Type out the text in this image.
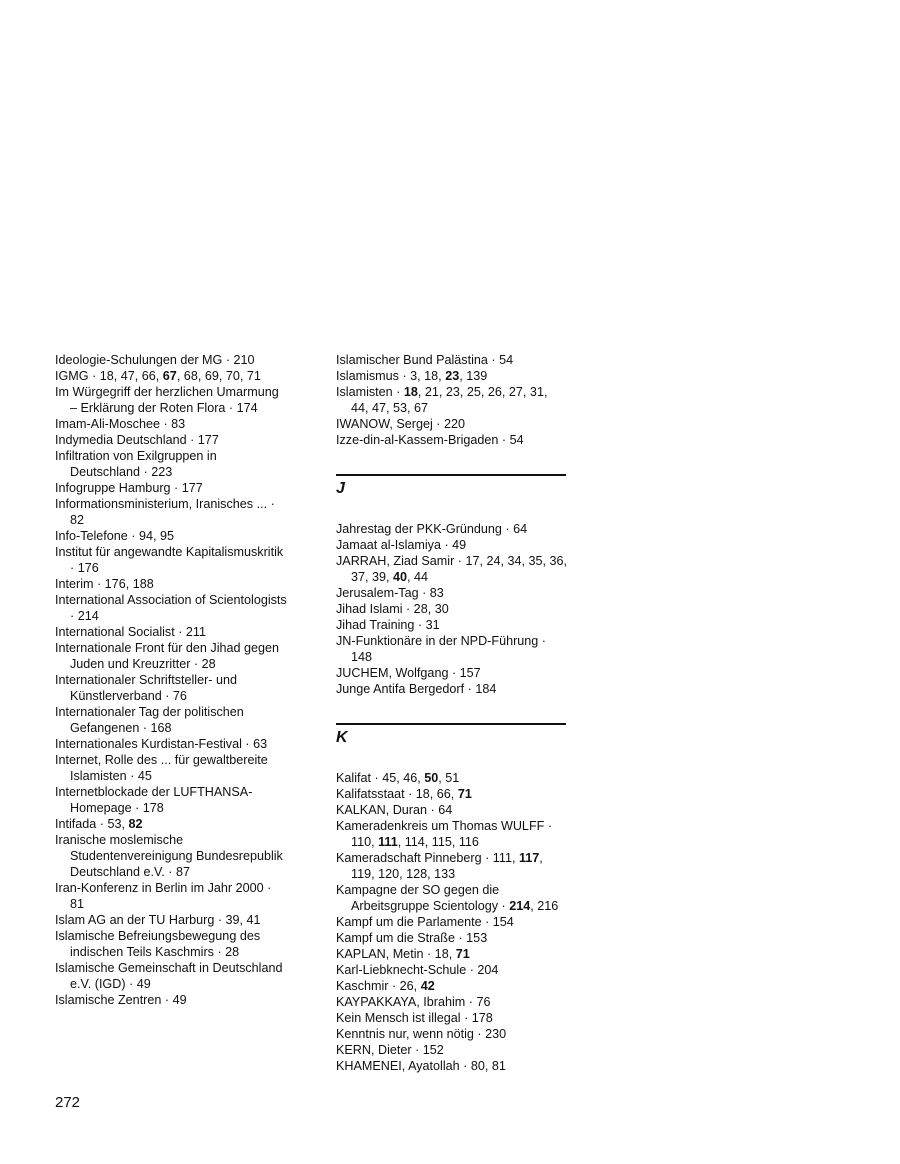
Ideologie-Schulungen der MG · 210
IGMG · 18, 47, 66, 67, 68, 69, 70, 71
Im Würgegriff der herzlichen Umarmung – Erklärung der Roten Flora · 174
Imam-Ali-Moschee · 83
Indymedia Deutschland · 177
Infiltration von Exilgruppen in Deutschland · 223
Infogruppe Hamburg · 177
Informationsministerium, Iranisches ... · 82
Info-Telefone · 94, 95
Institut für angewandte Kapitalismuskritik · 176
Interim · 176, 188
International Association of Scientologists · 214
International Socialist · 211
Internationale Front für den Jihad gegen Juden und Kreuzritter · 28
Internationaler Schriftsteller- und Künstlerverband · 76
Internationaler Tag der politischen Gefangenen · 168
Internationales Kurdistan-Festival · 63
Internet, Rolle des ... für gewaltbereite Islamisten · 45
Internetblockade der LUFTHANSA-Homepage · 178
Intifada · 53, 82
Iranische moslemische Studentenvereinigung Bundesrepublik Deutschland e.V. · 87
Iran-Konferenz in Berlin im Jahr 2000 · 81
Islam AG an der TU Harburg · 39, 41
Islamische Befreiungsbewegung des indischen Teils Kaschmirs · 28
Islamische Gemeinschaft in Deutschland e.V. (IGD) · 49
Islamische Zentren · 49
Islamischer Bund Palästina · 54
Islamismus · 3, 18, 23, 139
Islamisten · 18, 21, 23, 25, 26, 27, 31, 44, 47, 53, 67
IWANOW, Sergej · 220
Izze-din-al-Kassem-Brigaden · 54
J
Jahrestag der PKK-Gründung · 64
Jamaat al-Islamiya · 49
JARRAH, Ziad Samir · 17, 24, 34, 35, 36, 37, 39, 40, 44
Jerusalem-Tag · 83
Jihad Islami · 28, 30
Jihad Training · 31
JN-Funktionäre in der NPD-Führung · 148
JUCHEM, Wolfgang · 157
Junge Antifa Bergedorf · 184
K
Kalifat · 45, 46, 50, 51
Kalifatsstaat · 18, 66, 71
KALKAN, Duran · 64
Kameradenkreis um Thomas WULFF · 110, 111, 114, 115, 116
Kameradschaft Pinneberg · 111, 117, 119, 120, 128, 133
Kampagne der SO gegen die Arbeitsgruppe Scientology · 214, 216
Kampf um die Parlamente · 154
Kampf um die Straße · 153
KAPLAN, Metin · 18, 71
Karl-Liebknecht-Schule · 204
Kaschmir · 26, 42
KAYPAKKAYA, Ibrahim · 76
Kein Mensch ist illegal · 178
Kenntnis nur, wenn nötig · 230
KERN, Dieter · 152
KHAMENEI, Ayatollah · 80, 81
272
